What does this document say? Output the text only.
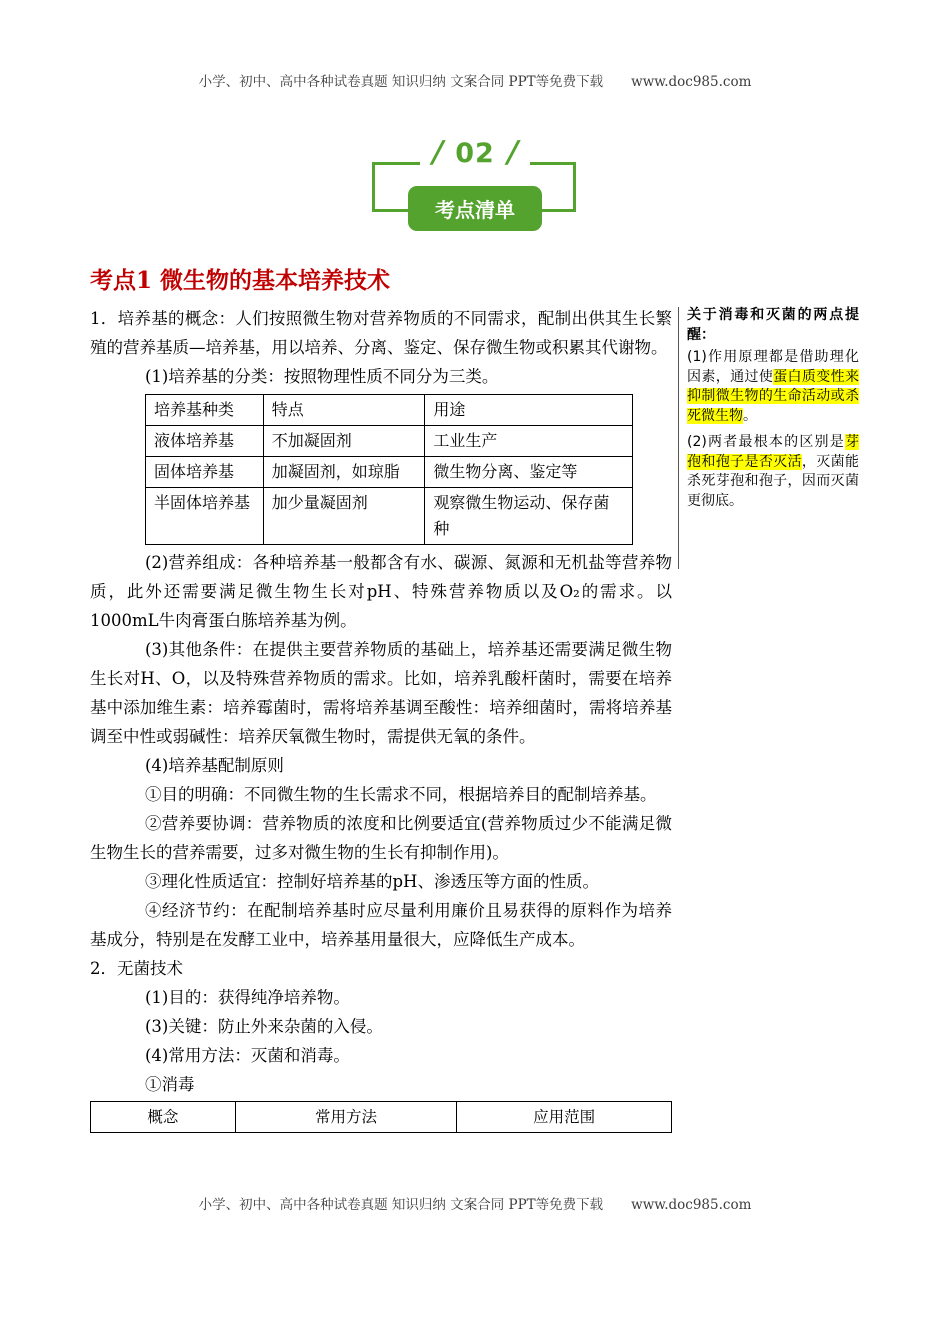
小学、初中、高中各种试卷真题 知识归纳 文案合同 PPT等免费下载 www.doc985.com
/ 02 /
考点清单
考点1 微生物的基本培养技术

1．培养基的概念：人们按照微生物对营养物质的不同需求，配制出供其生长繁殖的营养基质—培养基，用以培养、分离、鉴定、保存微生物或积累其代谢物。

(1)培养基的分类：按照物理性质不同分为三类。

培养基种类	特点	用途
液体培养基	不加凝固剂	工业生产
固体培养基	加凝固剂，如琼脂	微生物分离、鉴定等
半固体培养基	加少量凝固剂	观察微生物运动、保存菌种

(2)营养组成：各种培养基一般都含有水、碳源、氮源和无机盐等营养物质，此外还需要满足微生物生长对pH、特殊营养物质以及O₂的需求。以1000mL牛肉膏蛋白胨培养基为例。

(3)其他条件：在提供主要营养物质的基础上，培养基还需要满足微生物生长对H、O，以及特殊营养物质的需求。比如，培养乳酸杆菌时，需要在培养基中添加维生素：培养霉菌时，需将培养基调至酸性：培养细菌时，需将培养基调至中性或弱碱性：培养厌氧微生物时，需提供无氧的条件。

(4)培养基配制原则

①目的明确：不同微生物的生长需求不同，根据培养目的配制培养基。

②营养要协调：营养物质的浓度和比例要适宜(营养物质过少不能满足微生物生长的营养需要，过多对微生物的生长有抑制作用)。

③理化性质适宜：控制好培养基的pH、渗透压等方面的性质。

④经济节约：在配制培养基时应尽量利用廉价且易获得的原料作为培养基成分，特别是在发酵工业中，培养基用量很大，应降低生产成本。

2．无菌技术

(1)目的：获得纯净培养物。

(3)关键：防止外来杂菌的入侵。

(4)常用方法：灭菌和消毒。

①消毒

概念	常用方法	应用范围

关于消毒和灭菌的两点提醒：

(1)作用原理都是借助理化因素，通过使蛋白质变性来抑制微生物的生命活动或杀死微生物。

(2)两者最根本的区别是芽孢和孢子是否灭活，灭菌能杀死芽孢和孢子，因而灭菌更彻底。

小学、初中、高中各种试卷真题 知识归纳 文案合同 PPT等免费下载 www.doc985.com
